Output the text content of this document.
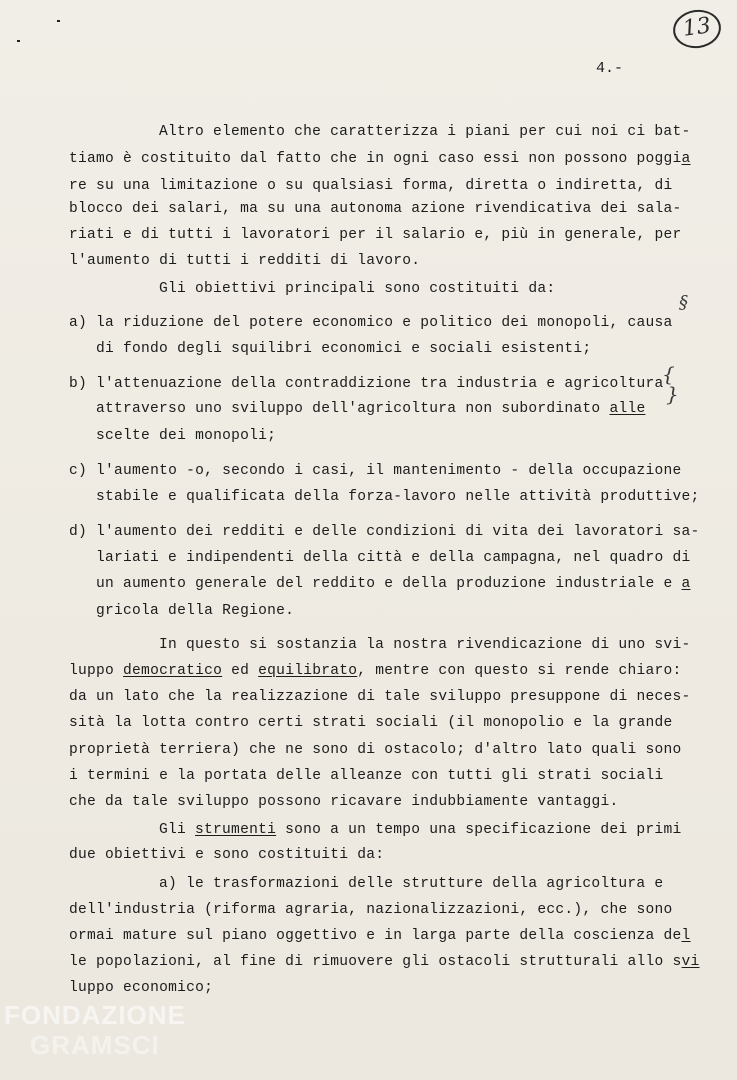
13
4.-
Altro elemento che caratterizza i piani per cui noi ci bat-
tiamo è costituito dal fatto che in ogni caso essi non possono poggia
re su una limitazione o su qualsiasi forma, diretta o indiretta, di
blocco dei salari, ma su una autonoma azione rivendicativa dei sala-
riati e di tutti i lavoratori per il salario e, più in generale, per
l'aumento di tutti i redditi di lavoro.
Gli obiettivi principali sono costituiti da:
a) la riduzione del potere economico e politico dei monopoli, causa
di fondo degli squilibri economici e sociali esistenti;
b) l'attenuazione della contraddizione tra industria e agricoltura
attraverso uno sviluppo dell'agricoltura non subordinato alle
scelte dei monopoli;
c) l'aumento -o, secondo i casi, il mantenimento - della occupazione
stabile e qualificata della forza-lavoro nelle attività produttive;
d) l'aumento dei redditi e delle condizioni di vita dei lavoratori sa-
lariati e indipendenti della città e della campagna, nel quadro di
un aumento generale del reddito e della produzione industriale e a
gricola della Regione.
In questo si sostanzia la nostra rivendicazione di uno svi-
luppo democratico ed equilibrato, mentre con questo si rende chiaro:
da un lato che la realizzazione di tale sviluppo presuppone di neces-
sità la lotta contro certi strati sociali (il monopolio e la grande
proprietà terriera) che ne sono di ostacolo; d'altro lato quali sono
i termini e la portata delle alleanze con tutti gli strati sociali
che da tale sviluppo possono ricavare indubbiamente vantaggi.
Gli strumenti sono a un tempo una specificazione dei primi
due obiettivi e sono costituiti da:
a) le trasformazioni delle strutture della agricoltura e
dell'industria (riforma agraria, nazionalizzazioni, ecc.), che sono
ormai mature sul piano oggettivo e in larga parte della coscienza del
le popolazioni, al fine di rimuovere gli ostacoli strutturali allo svi
luppo economico;
§
{
}
FONDAZIONE
GRAMSCI
